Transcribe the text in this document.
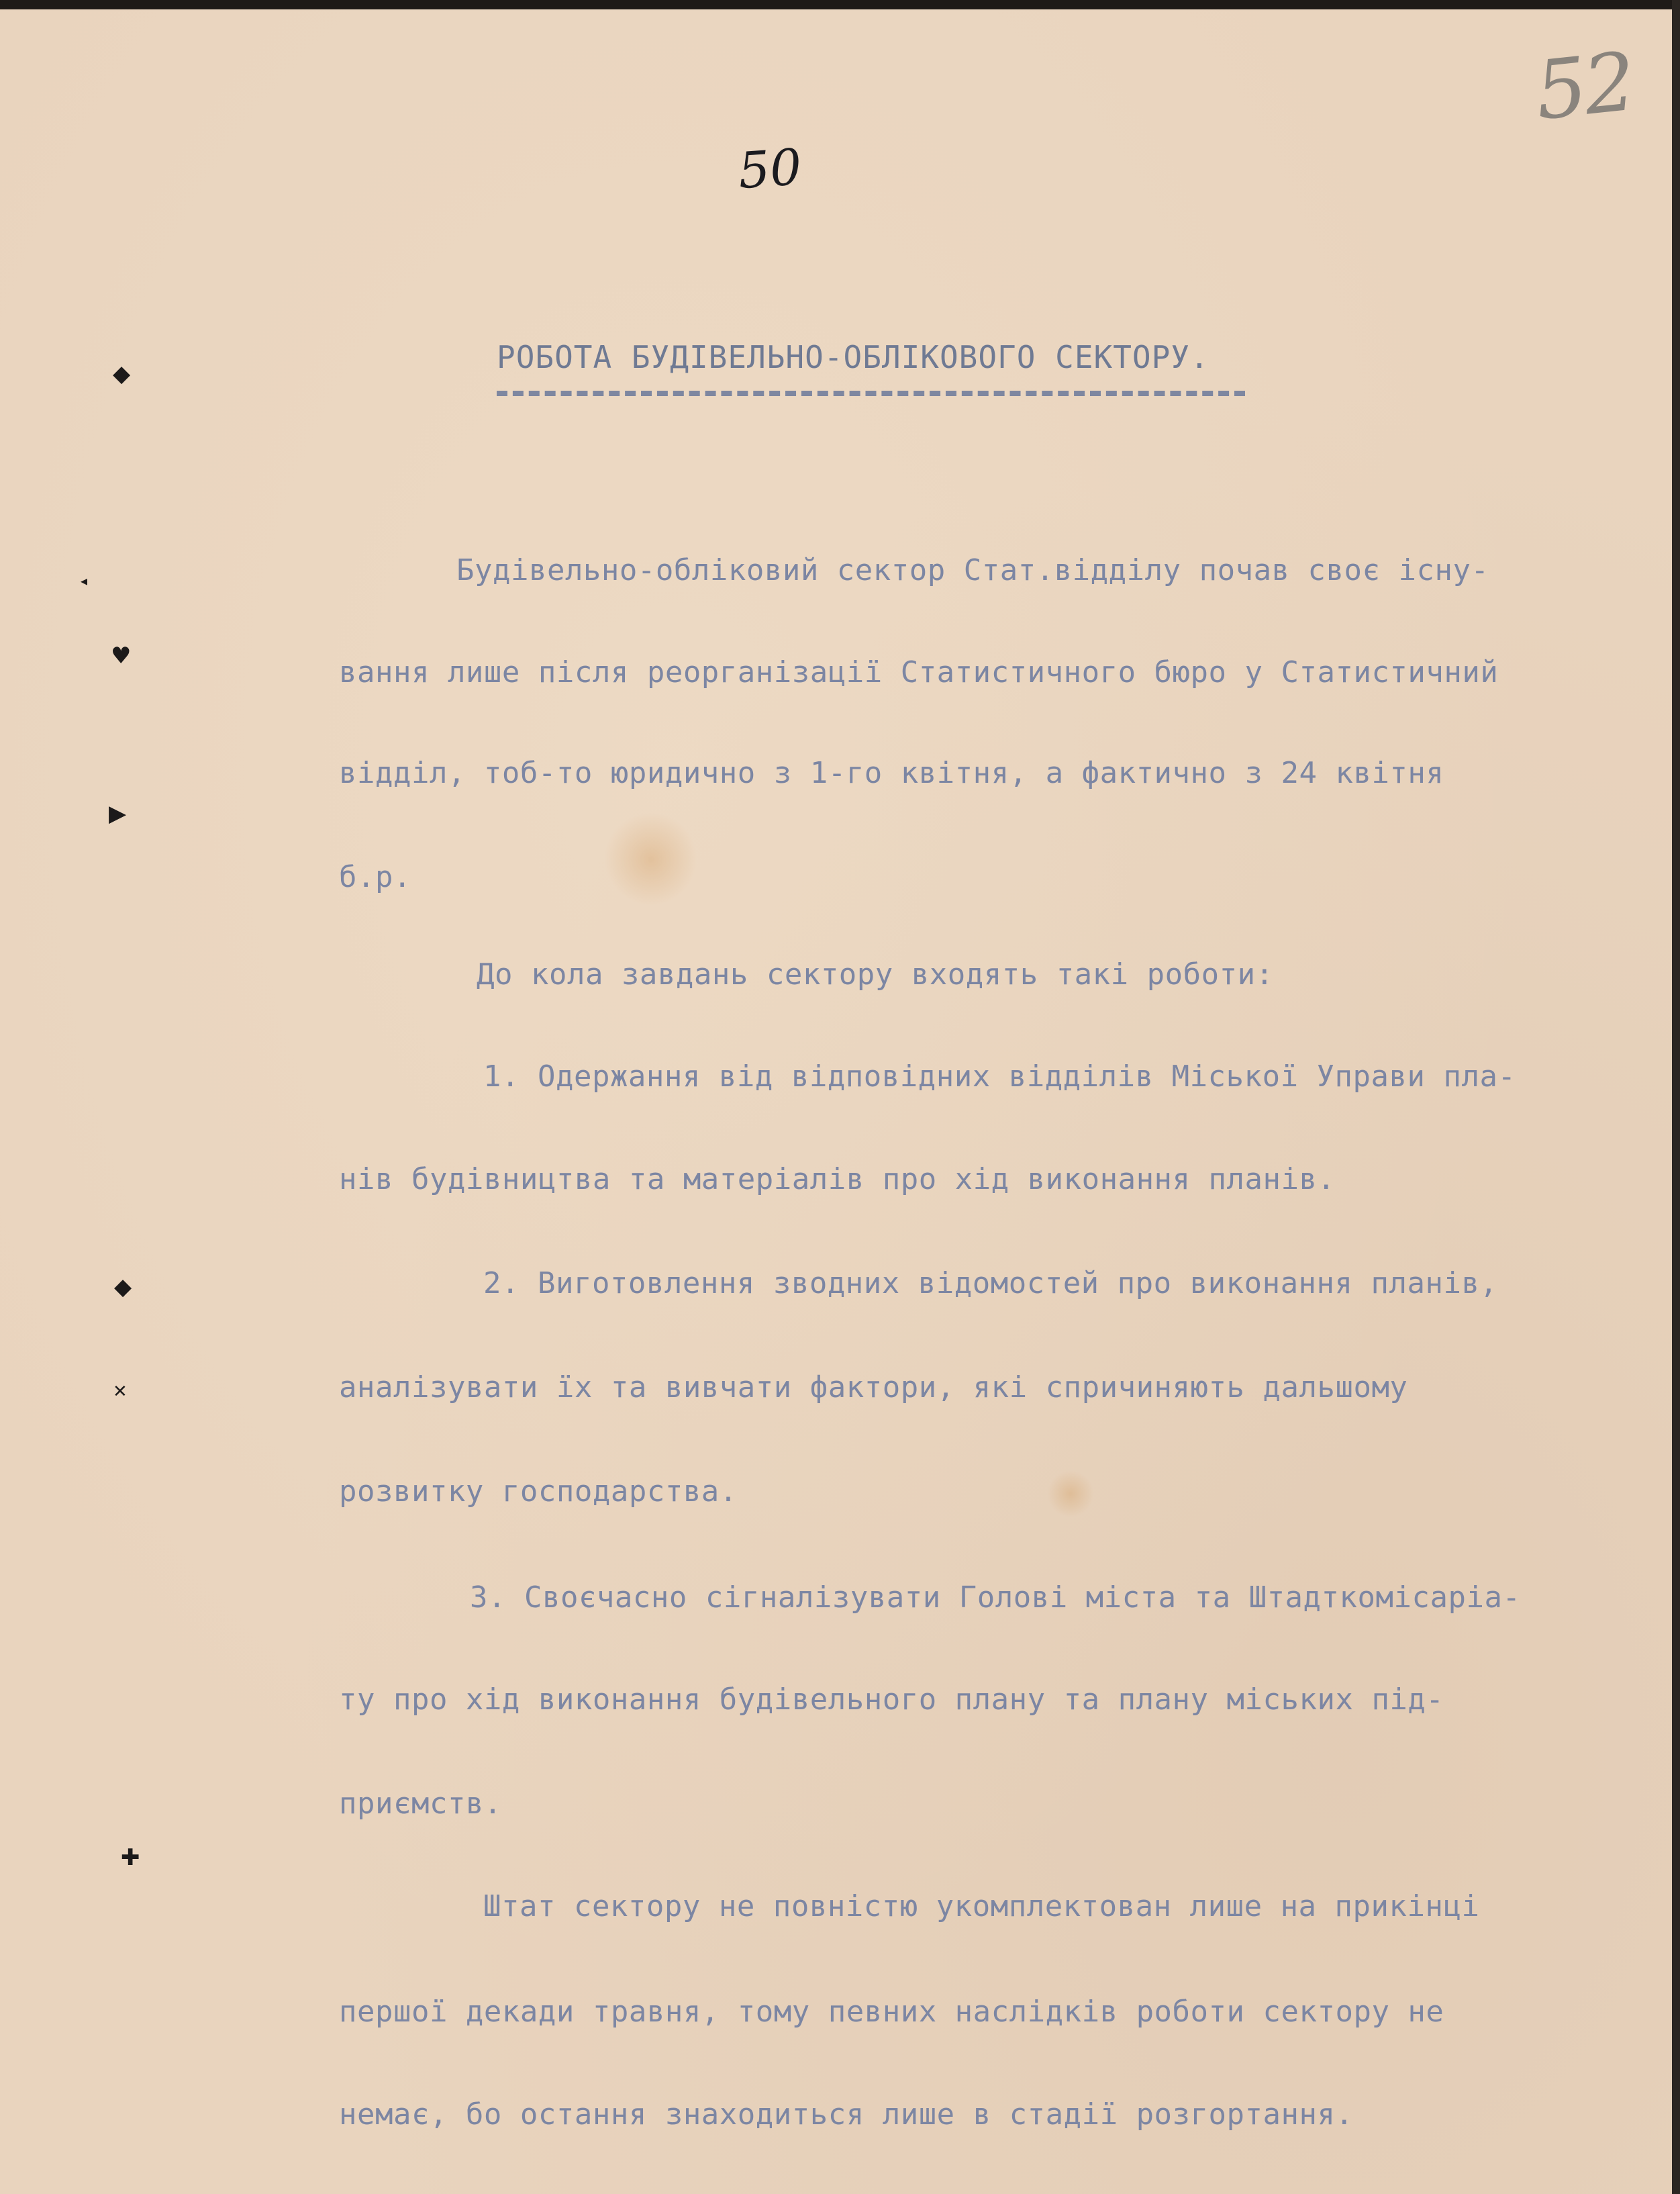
◆
◂
♥
▶
◆
✕
✚
52
50
РОБОТА БУДІВЕЛЬНО-ОБЛІКОВОГО СЕКТОРУ.
Будівельно-обліковий сектор Стат.відділу почав своє існу-
вання лише після реорганізації Статистичного бюро у Статистичний
відділ, тоб-то юридично з 1-го квітня, а фактично з 24 квітня
б.р.
До кола завдань сектору входять такі роботи:
1. Одержання від відповідних відділів Міської Управи пла-
нів будівництва та матеріалів про хід виконання планів.
2. Виготовлення зводних відомостей про виконання планів,
аналізувати їх та вивчати фактори, які спричиняють дальшому
розвитку господарства.
3. Своєчасно сігналізувати Голові міста та Штадткомісаріа-
ту про хід виконання будівельного плану та плану міських під-
приємств.
Штат сектору не повністю укомплектован лише на прикінці
першої декади травня, тому певних наслідків роботи сектору не
немає, бо остання знаходиться лише в стадії розгортання.
